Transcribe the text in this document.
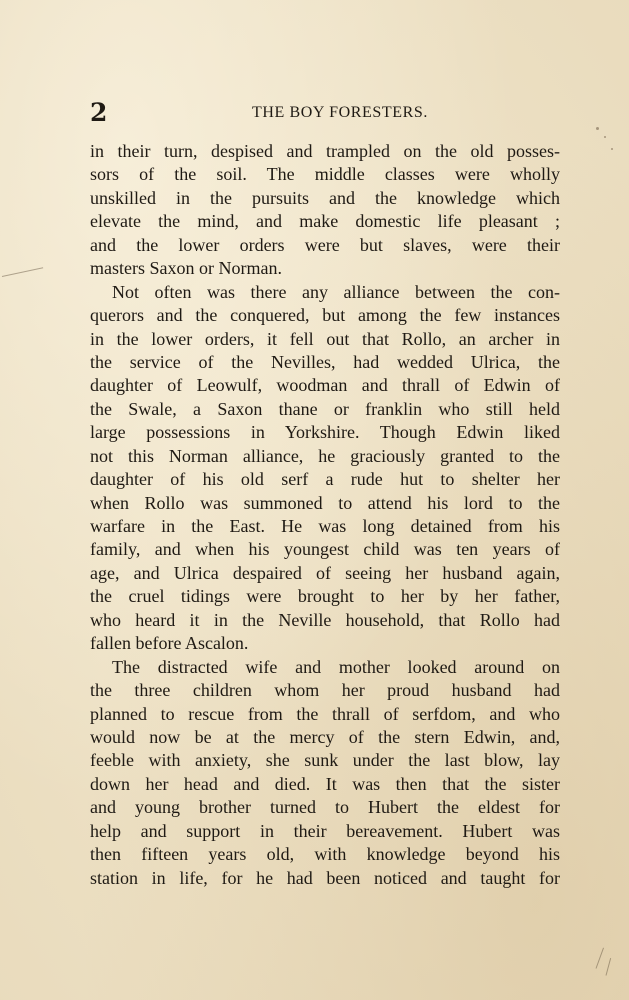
2	THE BOY FORESTERS.
in their turn, despised and trampled on the old posses-
sors of the soil. The middle classes were wholly
unskilled in the pursuits and the knowledge which
elevate the mind, and make domestic life pleasant ;
and the lower orders were but slaves, were their
masters Saxon or Norman.
Not often was there any alliance between the con-
querors and the conquered, but among the few instances
in the lower orders, it fell out that Rollo, an archer in
the service of the Nevilles, had wedded Ulrica, the
daughter of Leowulf, woodman and thrall of Edwin of
the Swale, a Saxon thane or franklin who still held
large possessions in Yorkshire. Though Edwin liked
not this Norman alliance, he graciously granted to the
daughter of his old serf a rude hut to shelter her
when Rollo was summoned to attend his lord to the
warfare in the East. He was long detained from his
family, and when his youngest child was ten years of
age, and Ulrica despaired of seeing her husband again,
the cruel tidings were brought to her by her father,
who heard it in the Neville household, that Rollo had
fallen before Ascalon.
The distracted wife and mother looked around on
the three children whom her proud husband had
planned to rescue from the thrall of serfdom, and who
would now be at the mercy of the stern Edwin, and,
feeble with anxiety, she sunk under the last blow, lay
down her head and died. It was then that the sister
and young brother turned to Hubert the eldest for
help and support in their bereavement. Hubert was
then fifteen years old, with knowledge beyond his
station in life, for he had been noticed and taught for
